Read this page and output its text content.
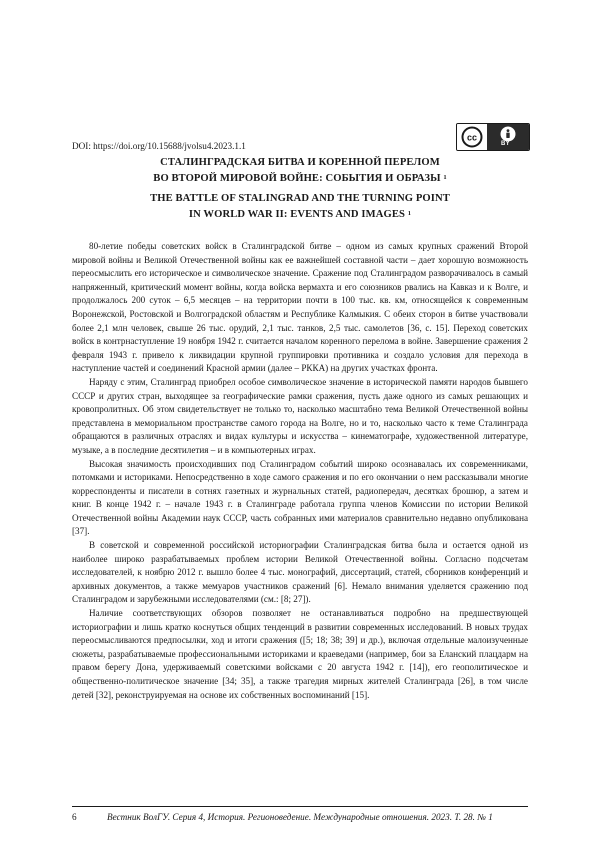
DOI: https://doi.org/10.15688/jvolsu4.2023.1.1
cc
BY
СТАЛИНГРАДСКАЯ БИТВА И КОРЕННОЙ ПЕРЕЛОМ
ВО ВТОРОЙ МИРОВОЙ ВОЙНЕ: СОБЫТИЯ И ОБРАЗЫ $^1$
THE BATTLE OF STALINGRAD AND THE TURNING POINT
IN WORLD WAR II: EVENTS AND IMAGES $^1$

80-летие победы советских войск в Сталинградской битве – одном из самых крупных сражений Второй мировой войны и Великой Отечественной войны как ее важнейшей составной части – дает хорошую возможность переосмыслить его историческое и символическое значение. Сражение под Сталинградом разворачивалось в самый напряженный, критический момент войны, когда войска вермахта и его союзников рвались на Кавказ и к Волге, и продолжалось 200 суток – 6,5 месяцев – на территории почти в 100 тыс. кв. км, относящейся к современным Воронежской, Ростовской и Волгоградской областям и Республике Калмыкия. С обеих сторон в битве участвовали более 2,1 млн человек, свыше 26 тыс. орудий, 2,1 тыс. танков, 2,5 тыс. самолетов [36, с. 15]. Переход советских войск в контрнаступление 19 ноября 1942 г. считается началом коренного перелома в войне. Завершение сражения 2 февраля 1943 г. привело к ликвидации крупной группировки противника и создало условия для перехода в наступление частей и соединений Красной армии (далее – РККА) на других участках фронта.

Наряду с этим, Сталинград приобрел особое символическое значение в исторической памяти народов бывшего СССР и других стран, выходящее за географические рамки сражения, пусть даже одного из самых решающих и кровопролитных. Об этом свидетельствует не только то, насколько масштабно тема Великой Отечественной войны представлена в мемориальном пространстве самого города на Волге, но и то, насколько часто к теме Сталинграда обращаются в различных отраслях и видах культуры и искусства – кинематографе, художественной литературе, музыке, а в последние десятилетия – и в компьютерных играх.

Высокая значимость происходивших под Сталинградом событий широко осознавалась их современниками, потомками и историками. Непосредственно в ходе самого сражения и по его окончании о нем рассказывали многие корреспонденты и писатели в сотнях газетных и журнальных статей, радиопередач, десятках брошюр, а затем и книг. В конце 1942 г. – начале 1943 г. в Сталинграде работала группа членов Комиссии по истории Великой Отечественной войны Академии наук СССР, часть собранных ими материалов сравнительно недавно опубликована [37].

В советской и современной российской историографии Сталинградская битва была и остается одной из наиболее широко разрабатываемых проблем истории Великой Отечественной войны. Согласно подсчетам исследователей, к ноябрю 2012 г. вышло более 4 тыс. монографий, диссертаций, статей, сборников конференций и архивных документов, а также мемуаров участников сражений [6]. Немало внимания уделяется сражению под Сталинградом и зарубежными исследователями (см.: [8; 27]).

Наличие соответствующих обзоров позволяет не останавливаться подробно на предшествующей историографии и лишь кратко коснуться общих тенденций в развитии современных исследований. В новых трудах переосмысливаются предпосылки, ход и итоги сражения ([5; 18; 38; 39] и др.), включая отдельные малоизученные сюжеты, разрабатываемые профессиональными историками и краеведами (например, бои за Еланский плацдарм на правом берегу Дона, удерживаемый советскими войсками с 20 августа 1942 г. [14]), его геополитическое и общественно-политическое значение [34; 35], а также трагедия мирных жителей Сталинграда [26], в том числе детей [32], реконструируемая на основе их собственных воспоминаний [15].

6	Вестник ВолГУ. Серия 4, История. Регионоведение. Международные отношения. 2023. Т. 28. № 1
